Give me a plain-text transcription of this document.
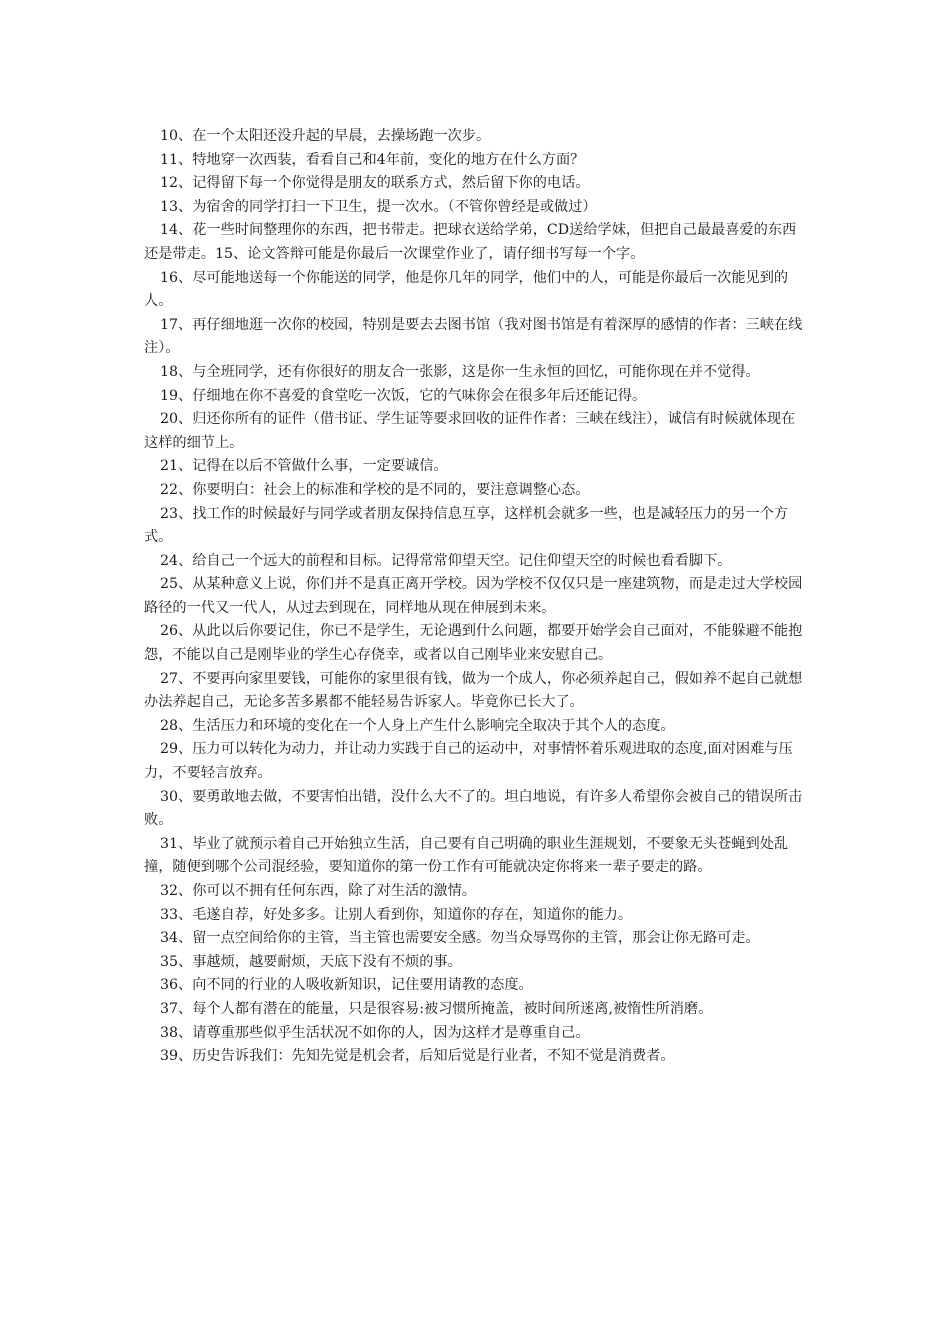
10、在一个太阳还没升起的早晨，去操场跑一次步。

11、特地穿一次西装，看看自己和4年前，变化的地方在什么方面？

12、记得留下每一个你觉得是朋友的联系方式，然后留下你的电话。

13、为宿舍的同学打扫一下卫生，提一次水。（不管你曾经是或做过）

14、花一些时间整理你的东西，把书带走。把球衣送给学弟，CD送给学妹，但把自己最最喜爱的东西还是带走。15、论文答辩可能是你最后一次课堂作业了，请仔细书写每一个字。

16、尽可能地送每一个你能送的同学，他是你几年的同学，他们中的人，可能是你最后一次能见到的人。

17、再仔细地逛一次你的校园，特别是要去去图书馆（我对图书馆是有着深厚的感情的作者：三峡在线注）。

18、与全班同学，还有你很好的朋友合一张影，这是你一生永恒的回忆，可能你现在并不觉得。

19、仔细地在你不喜爱的食堂吃一次饭，它的气味你会在很多年后还能记得。

20、归还你所有的证件（借书证、学生证等要求回收的证件作者：三峡在线注），诚信有时候就体现在这样的细节上。

21、记得在以后不管做什么事，一定要诚信。

22、你要明白：社会上的标准和学校的是不同的，要注意调整心态。

23、找工作的时候最好与同学或者朋友保持信息互享，这样机会就多一些，也是减轻压力的另一个方式。

24、给自己一个远大的前程和目标。记得常常仰望天空。记住仰望天空的时候也看看脚下。

25、从某种意义上说，你们并不是真正离开学校。因为学校不仅仅只是一座建筑物，而是走过大学校园路径的一代又一代人，从过去到现在，同样地从现在伸展到未来。

26、从此以后你要记住，你已不是学生，无论遇到什么问题，都要开始学会自己面对，不能躲避不能抱怨，不能以自己是刚毕业的学生心存侥幸，或者以自己刚毕业来安慰自己。

27、不要再向家里要钱，可能你的家里很有钱，做为一个成人，你必须养起自己，假如养不起自己就想办法养起自己，无论多苦多累都不能轻易告诉家人。毕竟你已长大了。

28、生活压力和环境的变化在一个人身上产生什么影响完全取决于其个人的态度。

29、压力可以转化为动力，并让动力实践于自己的运动中，对事情怀着乐观进取的态度,面对困难与压力，不要轻言放弃。

30、要勇敢地去做，不要害怕出错，没什么大不了的。坦白地说，有许多人希望你会被自己的错误所击败。

31、毕业了就预示着自己开始独立生活，自己要有自己明确的职业生涯规划，不要象无头苍蝇到处乱撞，随便到哪个公司混经验，要知道你的第一份工作有可能就决定你将来一辈子要走的路。

32、你可以不拥有任何东西，除了对生活的激情。

33、毛遂自荐，好处多多。让别人看到你，知道你的存在，知道你的能力。

34、留一点空间给你的主管，当主管也需要安全感。勿当众辱骂你的主管，那会让你无路可走。

35、事越烦，越要耐烦，天底下没有不烦的事。

36、向不同的行业的人吸收新知识，记住要用请教的态度。

37、每个人都有潜在的能量，只是很容易:被习惯所掩盖，被时间所迷离,被惰性所消磨。

38、请尊重那些似乎生活状况不如你的人，因为这样才是尊重自己。

39、历史告诉我们：先知先觉是机会者，后知后觉是行业者，不知不觉是消费者。
